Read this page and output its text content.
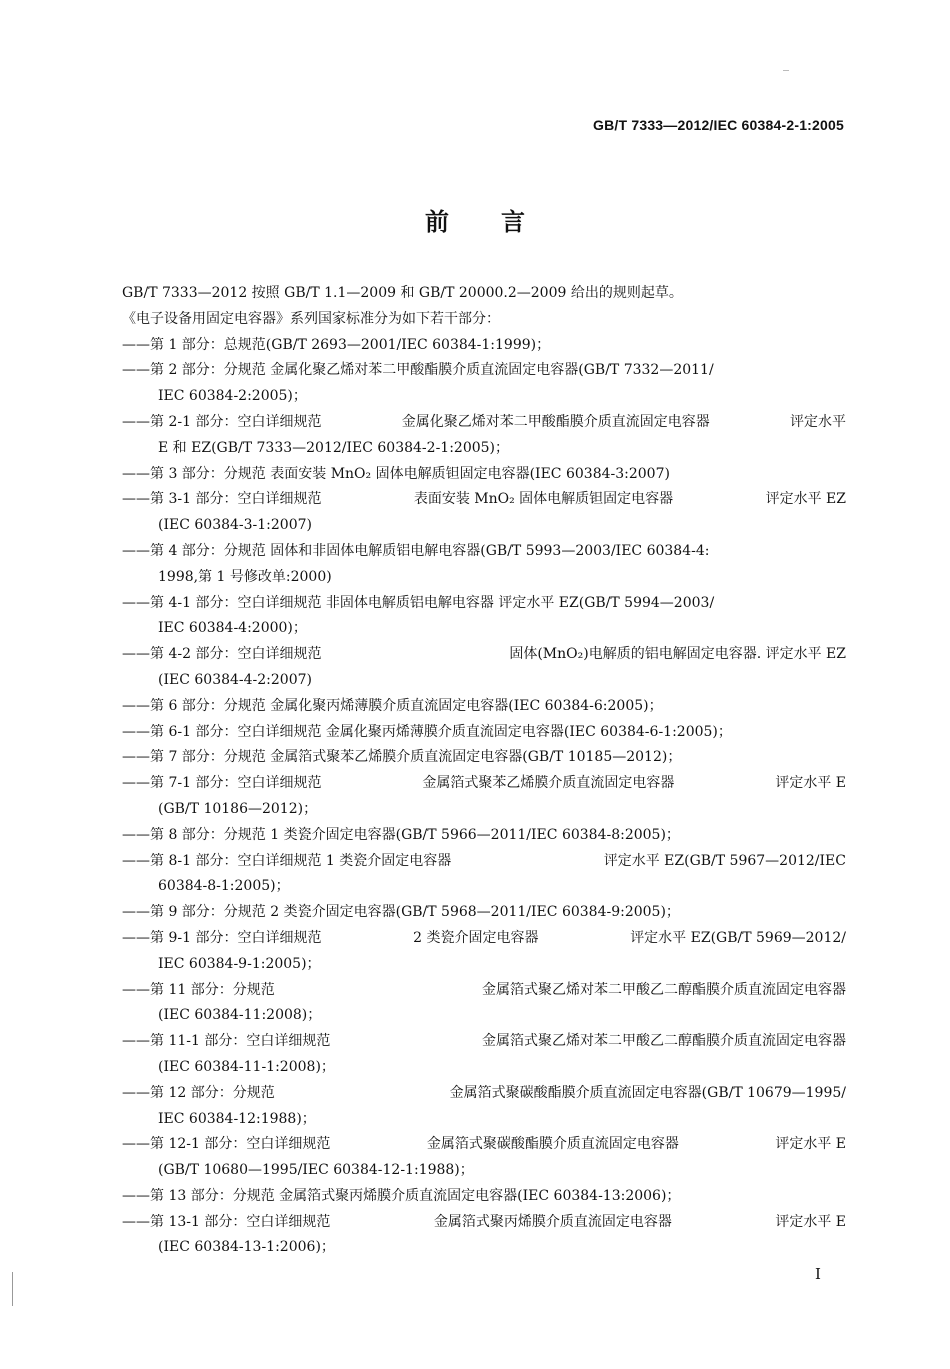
GB/T 7333—2012/IEC 60384-2-1:2005
前 言
GB/T 7333—2012 按照 GB/T 1.1—2009 和 GB/T 20000.2—2009 给出的规则起草。
《电子设备用固定电容器》系列国家标准分为如下若干部分：
——第 1 部分：总规范(GB/T 2693—2001/IEC 60384-1:1999)；
——第 2 部分：分规范 金属化聚乙烯对苯二甲酸酯膜介质直流固定电容器(GB/T 7332—2011/
IEC 60384-2:2005)；
——第 2-1 部分：空白详细规范	金属化聚乙烯对苯二甲酸酯膜介质直流固定电容器	评定水平
E 和 EZ(GB/T 7333—2012/IEC 60384-2-1:2005)；
——第 3 部分：分规范 表面安装 MnO₂ 固体电解质钽固定电容器(IEC 60384-3:2007)
——第 3-1 部分：空白详细规范	表面安装 MnO₂ 固体电解质钽固定电容器	评定水平 EZ
(IEC 60384-3-1:2007)
——第 4 部分：分规范 固体和非固体电解质铝电解电容器(GB/T 5993—2003/IEC 60384-4:
1998,第 1 号修改单:2000)
——第 4-1 部分：空白详细规范 非固体电解质铝电解电容器 评定水平 EZ(GB/T 5994—2003/
IEC 60384-4:2000)；
——第 4-2 部分：空白详细规范	固体(MnO₂)电解质的铝电解固定电容器. 评定水平 EZ
(IEC 60384-4-2:2007)
——第 6 部分：分规范 金属化聚丙烯薄膜介质直流固定电容器(IEC 60384-6:2005)；
——第 6-1 部分：空白详细规范 金属化聚丙烯薄膜介质直流固定电容器(IEC 60384-6-1:2005)；
——第 7 部分：分规范 金属箔式聚苯乙烯膜介质直流固定电容器(GB/T 10185—2012)；
——第 7-1 部分：空白详细规范	金属箔式聚苯乙烯膜介质直流固定电容器	评定水平 E
(GB/T 10186—2012)；
——第 8 部分：分规范 1 类瓷介固定电容器(GB/T 5966—2011/IEC 60384-8:2005)；
——第 8-1 部分：空白详细规范 1 类瓷介固定电容器	评定水平 EZ(GB/T 5967—2012/IEC
60384-8-1:2005)；
——第 9 部分：分规范 2 类瓷介固定电容器(GB/T 5968—2011/IEC 60384-9:2005)；
——第 9-1 部分：空白详细规范	2 类瓷介固定电容器	评定水平 EZ(GB/T 5969—2012/
IEC 60384-9-1:2005)；
——第 11 部分：分规范	金属箔式聚乙烯对苯二甲酸乙二醇酯膜介质直流固定电容器
(IEC 60384-11:2008)；
——第 11-1 部分：空白详细规范	金属箔式聚乙烯对苯二甲酸乙二醇酯膜介质直流固定电容器
(IEC 60384-11-1:2008)；
——第 12 部分：分规范	金属箔式聚碳酸酯膜介质直流固定电容器(GB/T 10679—1995/
IEC 60384-12:1988)；
——第 12-1 部分：空白详细规范	金属箔式聚碳酸酯膜介质直流固定电容器	评定水平 E
(GB/T 10680—1995/IEC 60384-12-1:1988)；
——第 13 部分：分规范 金属箔式聚丙烯膜介质直流固定电容器(IEC 60384-13:2006)；
——第 13-1 部分：空白详细规范	金属箔式聚丙烯膜介质直流固定电容器	评定水平 E
(IEC 60384-13-1:2006)；
I
